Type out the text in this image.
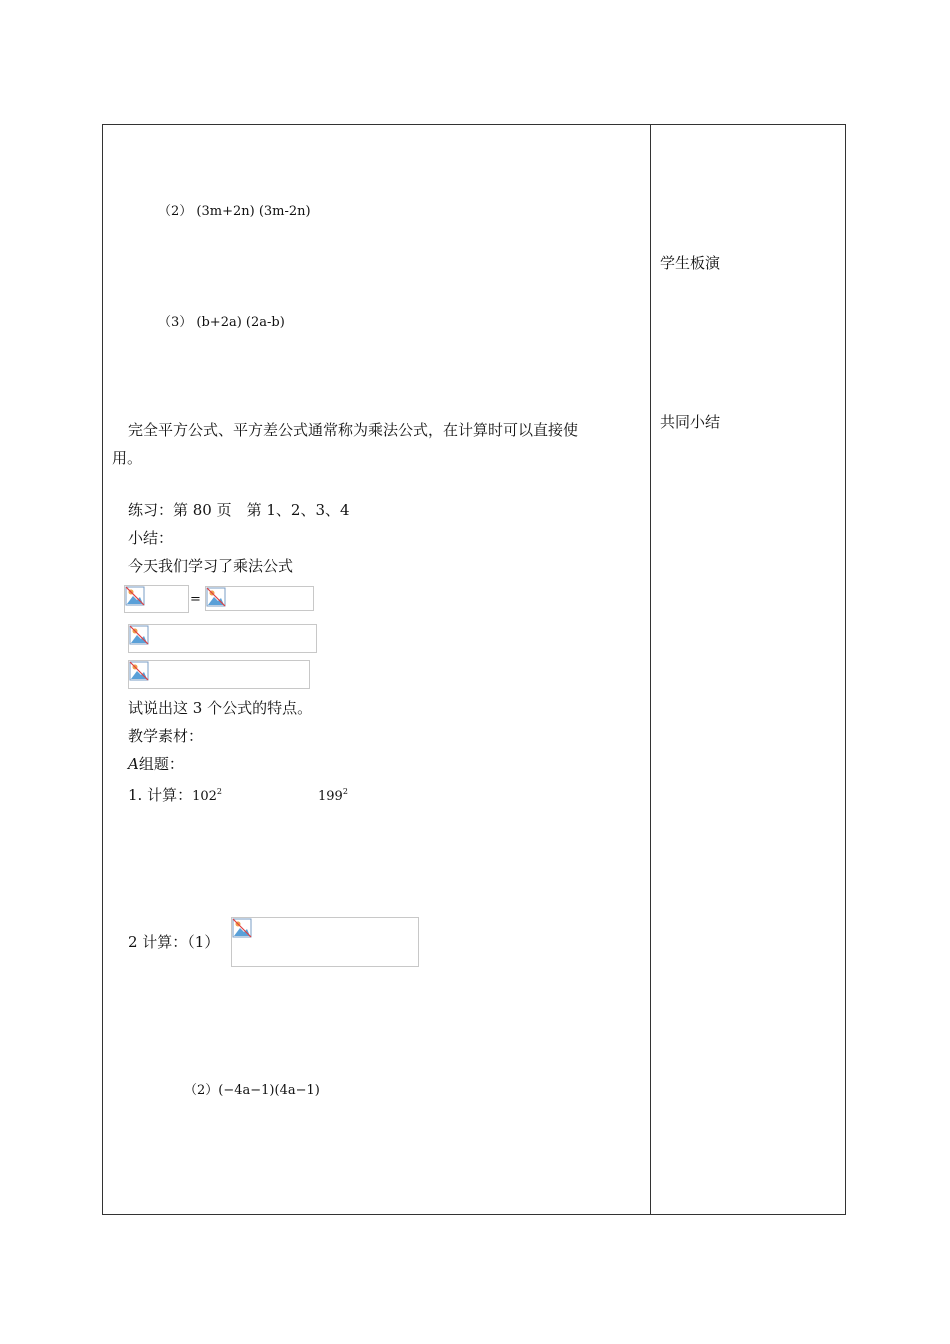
（2） (3m+2n) (3m-2n)
（3） (b+2a) (2a-b)
完全平方公式、平方差公式通常称为乘法公式，在计算时可以直接使
用。
练习：第 80 页　第 1、2、3、4
小结：
今天我们学习了乘法公式
=
试说出这 3 个公式的特点。
教学素材：
A组题：
1. 计算：$102^2$	$199^2$
2 计算：（1）
（2）(−4a−1)(4a−1)
学生板演
共同小结
